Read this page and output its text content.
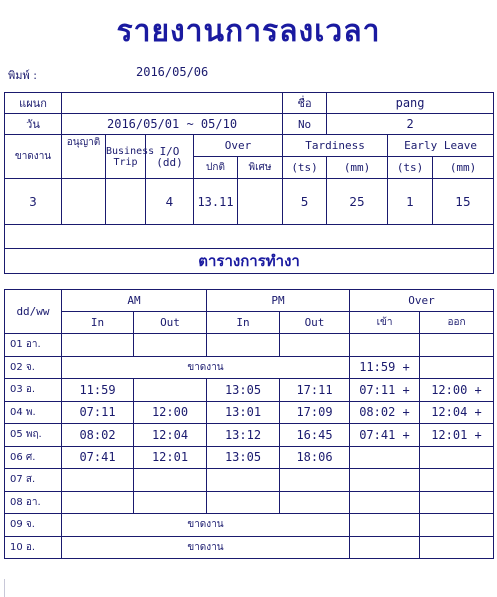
รายงานการลงเวลา
พิมพ์ :	2016/05/06
แผนก						ชื่อ	pang		
วัน	2016/05/01 ~ 05/10					No	2		
ขาดงาน	อนุญาติ	Business Trip	I/O (dd)	Over		Tardiness		Early Leave	
				ปกติ	พิเศษ	(ts)	(mm)	(ts)	(mm)
3			4	13.11		5	25	1	15

ตารางการทำงา									
dd/ww	AM		PM		Over	
	In	Out	In	Out	เข้า	ออก
01 อา.						
02 จ.	ขาดงาน				11:59 +	
03 อ.	11:59		13:05	17:11	07:11 +	12:00 +
04 พ.	07:11	12:00	13:01	17:09	08:02 +	12:04 +
05 พฤ.	08:02	12:04	13:12	16:45	07:41 +	12:01 +
06 ศ.	07:41	12:01	13:05	18:06		
07 ส.						
08 อา.						
09 จ.	ขาดงาน					
10 อ.	ขาดงาน					
